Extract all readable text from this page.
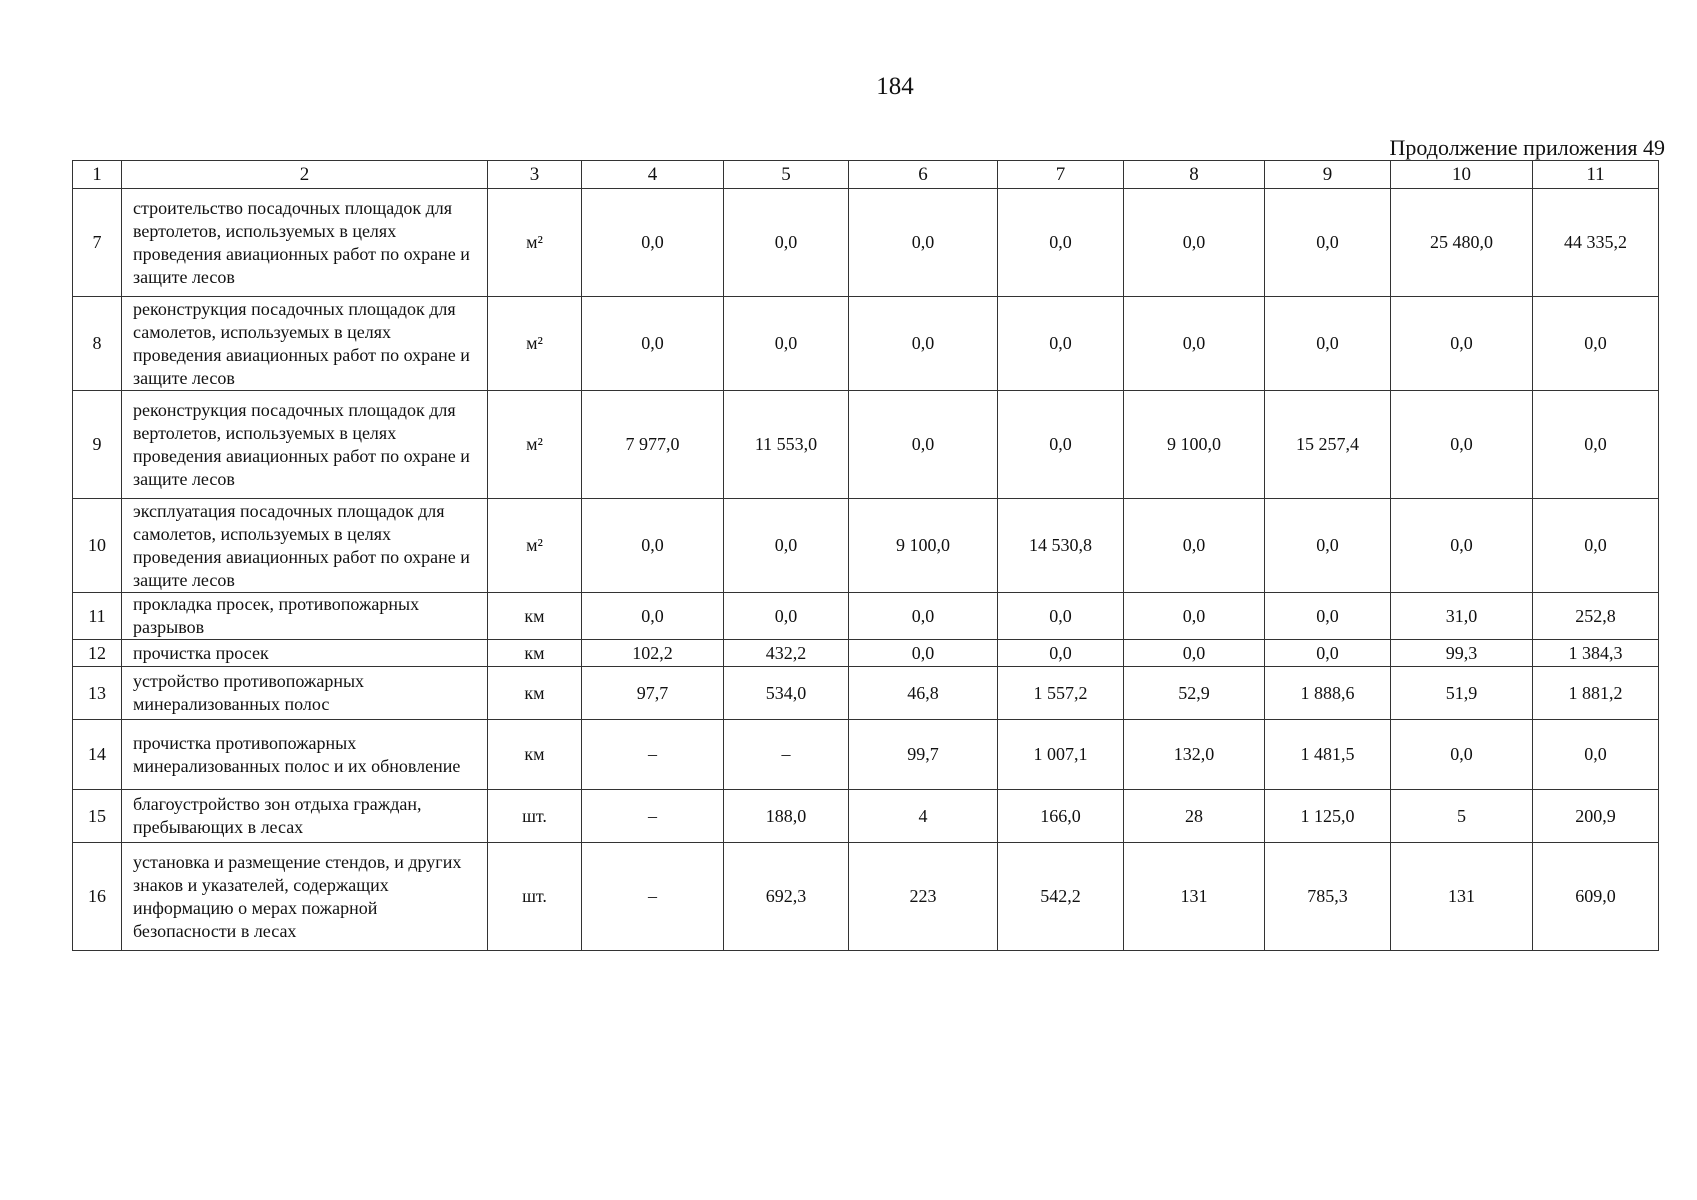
184
Продолжение приложения 49
1	2	3	4	5	6	7	8	9	10	11
7	строительство посадочных площадок для вертолетов, используемых в целях проведения авиационных работ по охране и защите лесов	м²	0,0	0,0	0,0	0,0	0,0	0,0	25 480,0	44 335,2
8	реконструкция посадочных площадок для самолетов, используемых в целях проведения авиационных работ по охране и защите лесов	м²	0,0	0,0	0,0	0,0	0,0	0,0	0,0	0,0
9	реконструкция посадочных площадок для вертолетов, используемых в целях проведения авиационных работ по охране и защите лесов	м²	7 977,0	11 553,0	0,0	0,0	9 100,0	15 257,4	0,0	0,0
10	эксплуатация посадочных площадок для самолетов, используемых в целях проведения авиационных работ по охране и защите лесов	м²	0,0	0,0	9 100,0	14 530,8	0,0	0,0	0,0	0,0
11	прокладка просек, противопожарных разрывов	км	0,0	0,0	0,0	0,0	0,0	0,0	31,0	252,8
12	прочистка просек	км	102,2	432,2	0,0	0,0	0,0	0,0	99,3	1 384,3
13	устройство противопожарных минерализованных полос	км	97,7	534,0	46,8	1 557,2	52,9	1 888,6	51,9	1 881,2
14	прочистка противопожарных минерализованных полос и их обновление	км	–	–	99,7	1 007,1	132,0	1 481,5	0,0	0,0
15	благоустройство зон отдыха граждан, пребывающих в лесах	шт.	–	188,0	4	166,0	28	1 125,0	5	200,9
16	установка и размещение стендов, и других знаков и указателей, содержащих информацию о мерах пожарной безопасности в лесах	шт.	–	692,3	223	542,2	131	785,3	131	609,0
